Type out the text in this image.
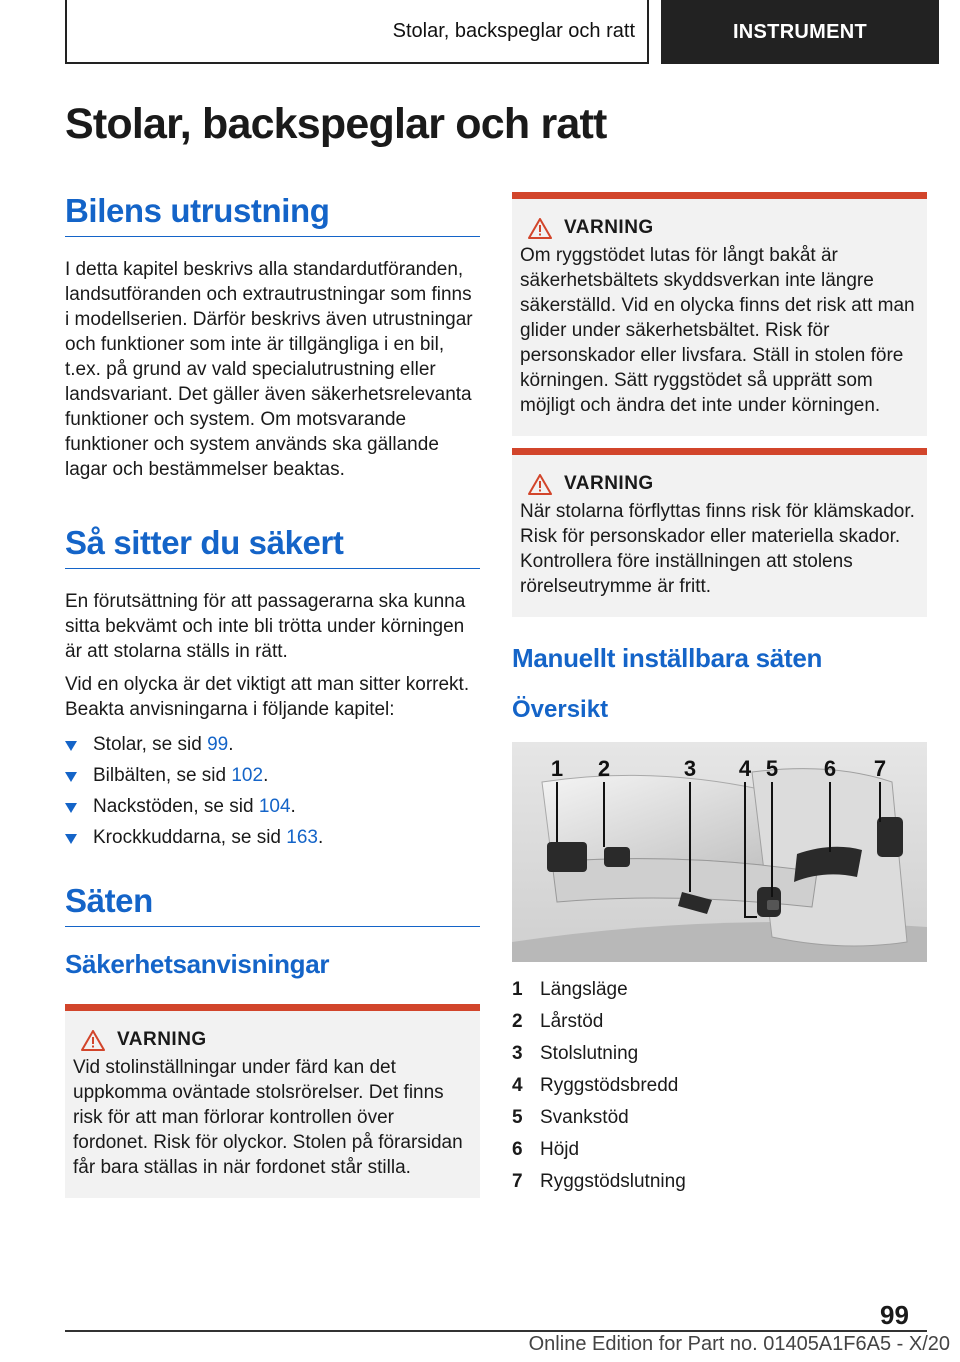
Stolar, backspeglar och ratt	INSTRUMENT
Stolar, backspeglar och ratt
Bilens utrustning

I detta kapitel beskrivs alla standardutföranden, landsutföranden och extrautrustningar som finns i modellserien. Därför beskrivs även utrustningar och funktioner som inte är tillgängliga i en bil, t.ex. på grund av vald specialutrustning eller landsvariant. Det gäller även säkerhetsrelevanta funktioner och system. Om motsvarande funktioner och system används ska gällande lagar och bestämmelser beaktas.

Så sitter du säkert

En förutsättning för att passagerarna ska kunna sitta bekvämt och inte bli trötta under körningen är att stolarna ställs in rätt.

Vid en olycka är det viktigt att man sitter korrekt. Beakta anvisningarna i följande kapitel:

Stolar, se sid 99.
Bilbälten, se sid 102.
Nackstöden, se sid 104.
Krockkuddarna, se sid 163.
Säten
Säkerhetsanvisningar
VARNING

Vid stolinställningar under färd kan det uppkomma oväntade stolsrörelser. Det finns risk för att man förlorar kontrollen över fordonet. Risk för olyckor. Stolen på förarsidan får bara ställas in när fordonet står stilla.

VARNING

Om ryggstödet lutas för långt bakåt är säkerhetsbältets skyddsverkan inte längre säkerställd. Vid en olycka finns det risk att man glider under säkerhetsbältet. Risk för personskador eller livsfara. Ställ in stolen före körningen. Sätt ryggstödet så upprätt som möjligt och ändra det inte under körningen.

VARNING

När stolarna förflyttas finns risk för klämskador. Risk för personskador eller materiella skador. Kontrollera före inställningen att stolens rörelseutrymme är fritt.

Manuellt inställbara säten
Översikt
1 2	3 4 5 6 7
1 Längsläge
2 Lårstöd
3 Stolslutning
4 Ryggstödsbredd
5 Svankstöd
6 Höjd
7 Ryggstödslutning
99
Online Edition for Part no. 01405A1F6A5 - X/20
